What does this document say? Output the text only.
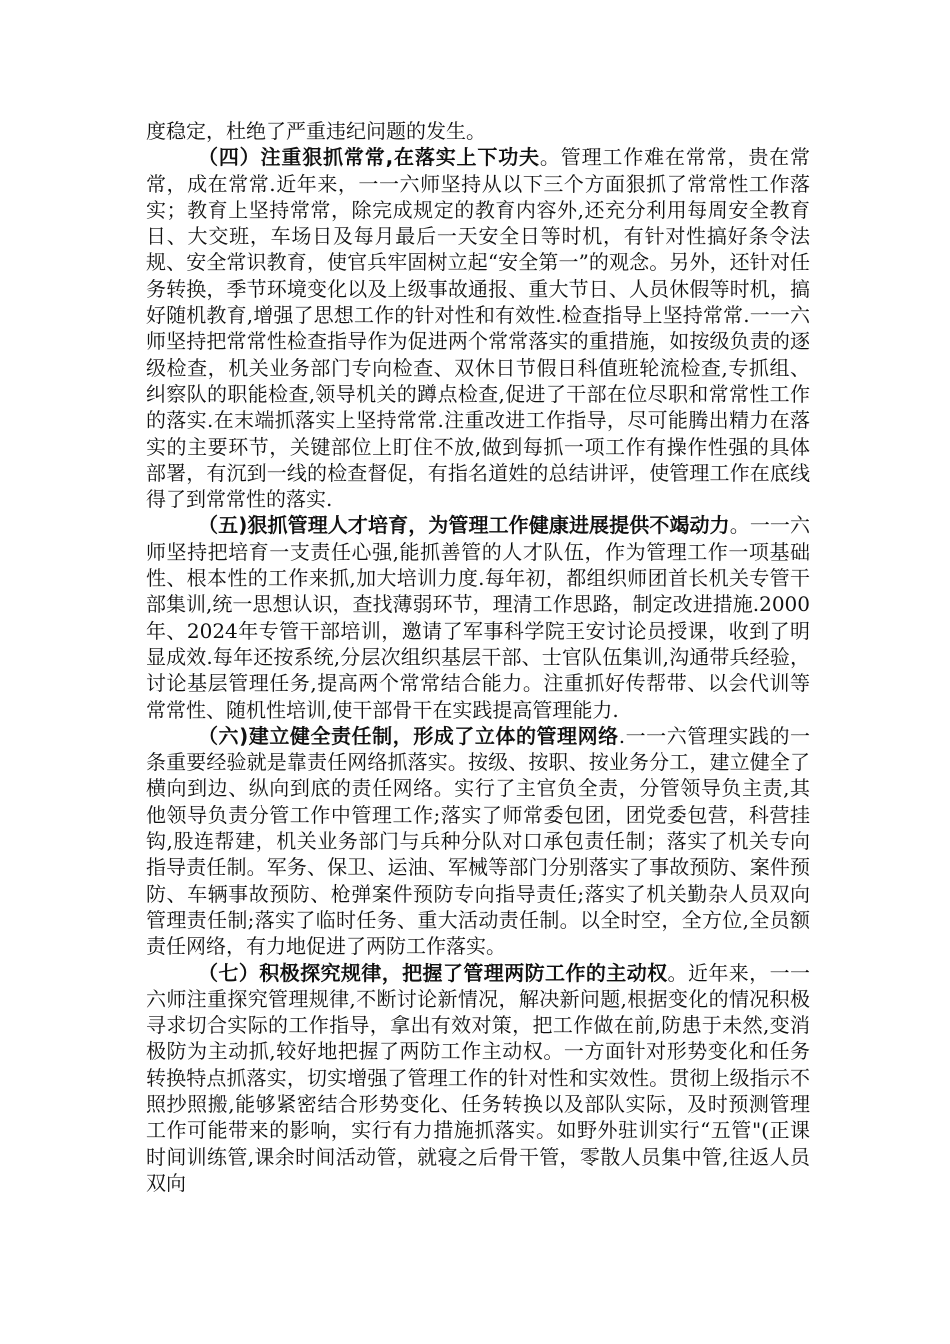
度稳定，杜绝了严重违纪问题的发生。

（四）注重狠抓常常,在落实上下功夫。管理工作难在常常，贵在常常，成在常常.近年来，一一六师坚持从以下三个方面狠抓了常常性工作落实；教育上坚持常常，除完成规定的教育内容外,还充分利用每周安全教育日、大交班，车场日及每月最后一天安全日等时机，有针对性搞好条令法规、安全常识教育，使官兵牢固树立起“安全第一”的观念。另外，还针对任务转换，季节环境变化以及上级事故通报、重大节日、人员休假等时机，搞好随机教育,增强了思想工作的针对性和有效性.检查指导上坚持常常.一一六师坚持把常常性检查指导作为促进两个常常落实的重措施，如按级负责的逐级检查，机关业务部门专向检查、双休日节假日科值班轮流检查,专抓组、纠察队的职能检查,领导机关的蹲点检查,促进了干部在位尽职和常常性工作的落实.在末端抓落实上坚持常常.注重改进工作指导，尽可能腾出精力在落实的主要环节，关键部位上盯住不放,做到每抓一项工作有操作性强的具体部署，有沉到一线的检查督促，有指名道姓的总结讲评，使管理工作在底线得了到常常性的落实.

（五)狠抓管理人才培育，为管理工作健康进展提供不竭动力。一一六师坚持把培育一支责任心强,能抓善管的人才队伍，作为管理工作一项基础性、根本性的工作来抓,加大培训力度.每年初，都组织师团首长机关专管干部集训,统一思想认识，查找薄弱环节，理清工作思路，制定改进措施.2000年、2024年专管干部培训，邀请了军事科学院王安讨论员授课，收到了明显成效.每年还按系统,分层次组织基层干部、士官队伍集训,沟通带兵经验，讨论基层管理任务,提高两个常常结合能力。注重抓好传帮带、以会代训等常常性、随机性培训,使干部骨干在实践提高管理能力.

（六)建立健全责任制，形成了立体的管理网络.一一六管理实践的一条重要经验就是靠责任网络抓落实。按级、按职、按业务分工，建立健全了横向到边、纵向到底的责任网络。实行了主官负全责，分管领导负主责,其他领导负责分管工作中管理工作;落实了师常委包团，团党委包营，科营挂钩,股连帮建，机关业务部门与兵种分队对口承包责任制；落实了机关专向指导责任制。军务、保卫、运油、军械等部门分别落实了事故预防、案件预防、车辆事故预防、枪弹案件预防专向指导责任;落实了机关勤杂人员双向管理责任制;落实了临时任务、重大活动责任制。以全时空，全方位,全员额责任网络，有力地促进了两防工作落实。

（七）积极探究规律，把握了管理两防工作的主动权。近年来，一一六师注重探究管理规律,不断讨论新情况，解决新问题,根据变化的情况积极寻求切合实际的工作指导，拿出有效对策，把工作做在前,防患于未然,变消极防为主动抓,较好地把握了两防工作主动权。一方面针对形势变化和任务转换特点抓落实，切实增强了管理工作的针对性和实效性。贯彻上级指示不照抄照搬,能够紧密结合形势变化、任务转换以及部队实际，及时预测管理工作可能带来的影响，实行有力措施抓落实。如野外驻训实行“五管"(正课时间训练管,课余时间活动管，就寝之后骨干管，零散人员集中管,往返人员双向
